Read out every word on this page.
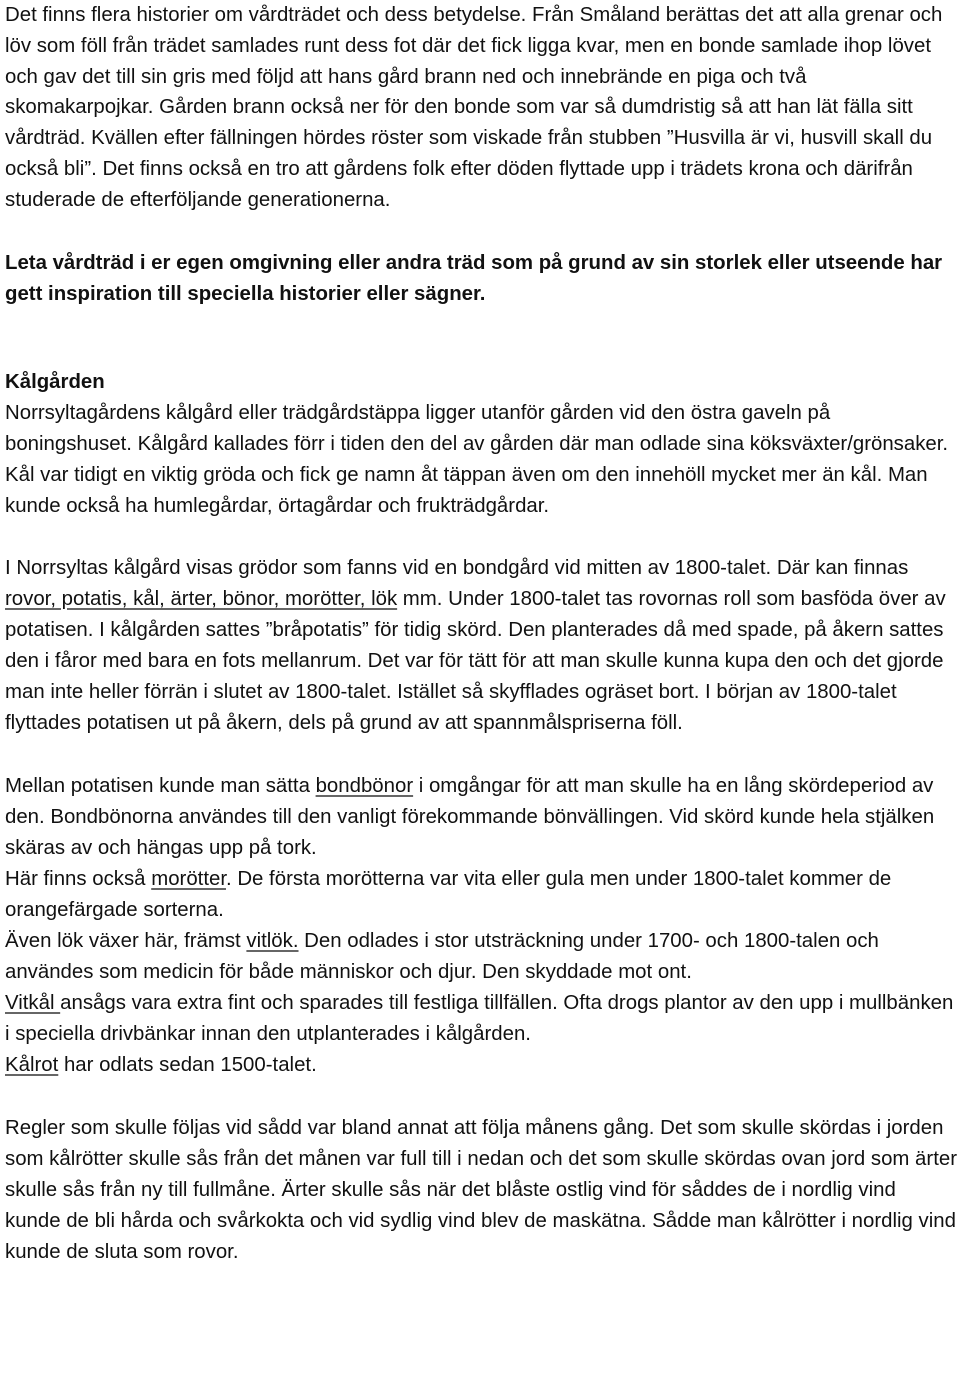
Det finns flera historier om vårdträdet och dess betydelse. Från Småland berättas det att alla grenar och löv som föll från trädet samlades runt dess fot där det fick ligga kvar, men en bonde samlade ihop lövet och gav det till sin gris med följd att hans gård brann ned och innebrände en piga och två skomakarpojkar. Gården brann också ner för den bonde som var så dumdristig så att han lät fälla sitt vårdträd. Kvällen efter fällningen hördes röster som viskade från stubben ”Husvilla är vi, husvill skall du också bli”. Det finns också en tro att gårdens folk efter döden flyttade upp i trädets krona och därifrån studerade de efterföljande generationerna.

Leta vårdträd i er egen omgivning eller andra träd som på grund av sin storlek eller utseende har gett inspiration till speciella historier eller sägner.

Kålgården

Norrsyltagårdens kålgård eller trädgårdstäppa ligger utanför gården vid den östra gaveln på boningshuset. Kålgård kallades förr i tiden den del av gården där man odlade sina köksväxter/grönsaker. Kål var tidigt en viktig gröda och fick ge namn åt täppan även om den innehöll mycket mer än kål. Man kunde också ha humlegårdar, örtagårdar och frukträdgårdar.

I Norrsyltas kålgård visas grödor som fanns vid en bondgård vid mitten av 1800-talet. Där kan finnas rovor, potatis, kål, ärter, bönor, morötter, lök mm. Under 1800-talet tas rovornas roll som basföda över av potatisen. I kålgården sattes ”bråpotatis” för tidig skörd. Den planterades då med spade, på åkern sattes den i fåror med bara en fots mellanrum. Det var för tätt för att man skulle kunna kupa den och det gjorde man inte heller förrän i slutet av 1800-talet. Istället så skyfflades ogräset bort. I början av 1800-talet flyttades potatisen ut på åkern, dels på grund av att spannmålspriserna föll.

Mellan potatisen kunde man sätta bondbönor i omgångar för att man skulle ha en lång skördeperiod av den. Bondbönorna användes till den vanligt förekommande bönvällingen. Vid skörd kunde hela stjälken skäras av och hängas upp på tork.
Här finns också morötter. De första morötterna var vita eller gula men under 1800-talet kommer de orangefärgade sorterna.
Även lök växer här, främst vitlök. Den odlades i stor utsträckning under 1700- och 1800-talen och användes som medicin för både människor och djur. Den skyddade mot ont.
Vitkål ansågs vara extra fint och sparades till festliga tillfällen. Ofta drogs plantor av den upp i mullbänken i speciella drivbänkar innan den utplanterades i kålgården.
Kålrot har odlats sedan 1500-talet.

Regler som skulle följas vid sådd var bland annat att följa månens gång. Det som skulle skördas i jorden som kålrötter skulle sås från det månen var full till i nedan och det som skulle skördas ovan jord som ärter skulle sås från ny till fullmåne. Ärter skulle sås när det blåste ostlig vind för såddes de i nordlig vind kunde de bli hårda och svårkokta och vid sydlig vind blev de maskätna. Sådde man kålrötter i nordlig vind kunde de sluta som rovor.
